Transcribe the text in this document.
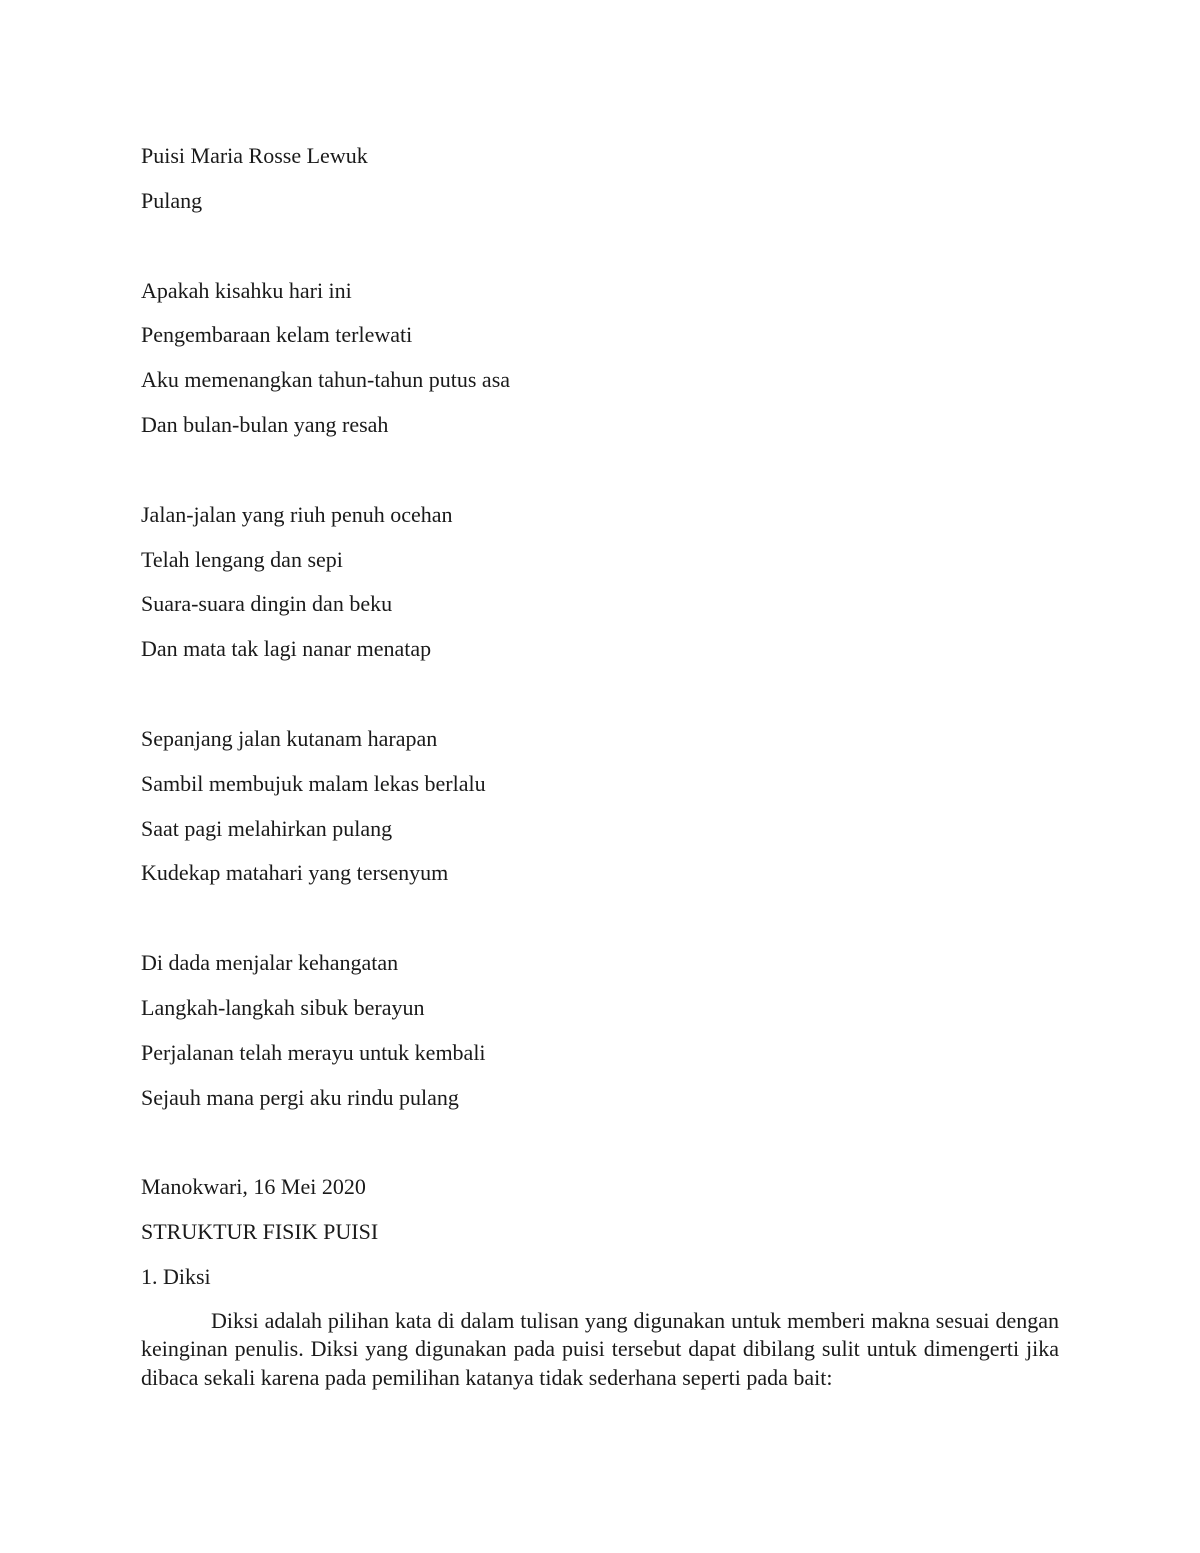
Puisi Maria Rosse Lewuk

Pulang

Apakah kisahku hari ini

Pengembaraan kelam terlewati

Aku memenangkan tahun-tahun putus asa

Dan bulan-bulan yang resah

Jalan-jalan yang riuh penuh ocehan

Telah lengang dan sepi

Suara-suara dingin dan beku

Dan mata tak lagi nanar menatap

Sepanjang jalan kutanam harapan

Sambil membujuk malam lekas berlalu

Saat pagi melahirkan pulang

Kudekap matahari yang tersenyum

Di dada menjalar kehangatan

Langkah-langkah sibuk berayun

Perjalanan telah merayu untuk kembali

Sejauh mana pergi aku rindu pulang

Manokwari, 16 Mei 2020

STRUKTUR FISIK PUISI

1. Diksi

Diksi adalah pilihan kata di dalam tulisan yang digunakan untuk memberi makna sesuai dengan keinginan penulis. Diksi yang digunakan pada puisi tersebut dapat dibilang sulit untuk dimengerti jika dibaca sekali karena pada pemilihan katanya tidak sederhana seperti pada bait:
